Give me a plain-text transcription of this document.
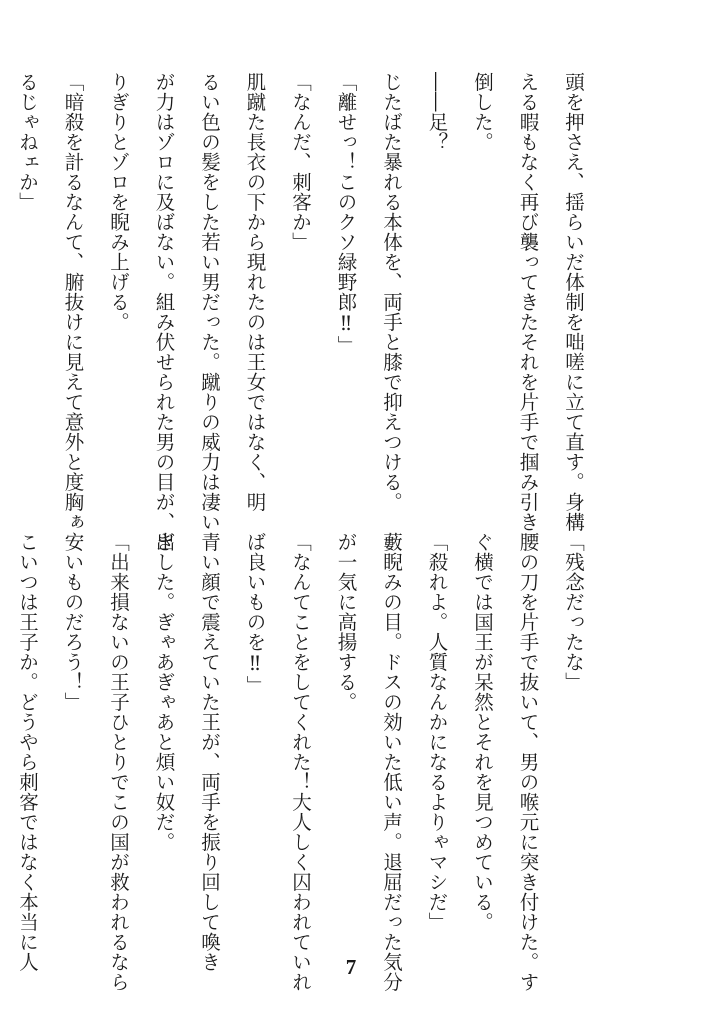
頭を押さえ、揺らいだ体制を咄嗟に立て直す。身構
える暇もなく再び襲ってきたそれを片手で掴み引き
倒した。
――足？
じたばた暴れる本体を、両手と膝で抑えつける。
「離せっ！このクソ緑野郎‼」
「なんだ、刺客か」
肌蹴た長衣の下から現れたのは王女ではなく、明
るい色の髪をした若い男だった。蹴りの威力は凄い
が力はゾロに及ばない。組み伏せられた男の目が、ぎ
りぎりとゾロを睨み上げる。
「暗殺を計るなんて、腑抜けに見えて意外と度胸ぁ
るじゃねェか」
「残念だったな」
腰の刀を片手で抜いて、男の喉元に突き付けた。す
ぐ横では国王が呆然とそれを見つめている。
「殺れよ。人質なんかになるよりゃマシだ」
藪睨みの目。ドスの効いた低い声。退屈だった気分
が一気に高揚する。
「なんてことをしてくれた！大人しく囚われていれ
ば良いものを‼」
青い顔で震えていた王が、両手を振り回して喚き
出した。ぎゃあぎゃあと煩い奴だ。
「出来損ないの王子ひとりでこの国が救われるなら
安いものだろう！」
こいつは王子か。どうやら刺客ではなく本当に人	7
